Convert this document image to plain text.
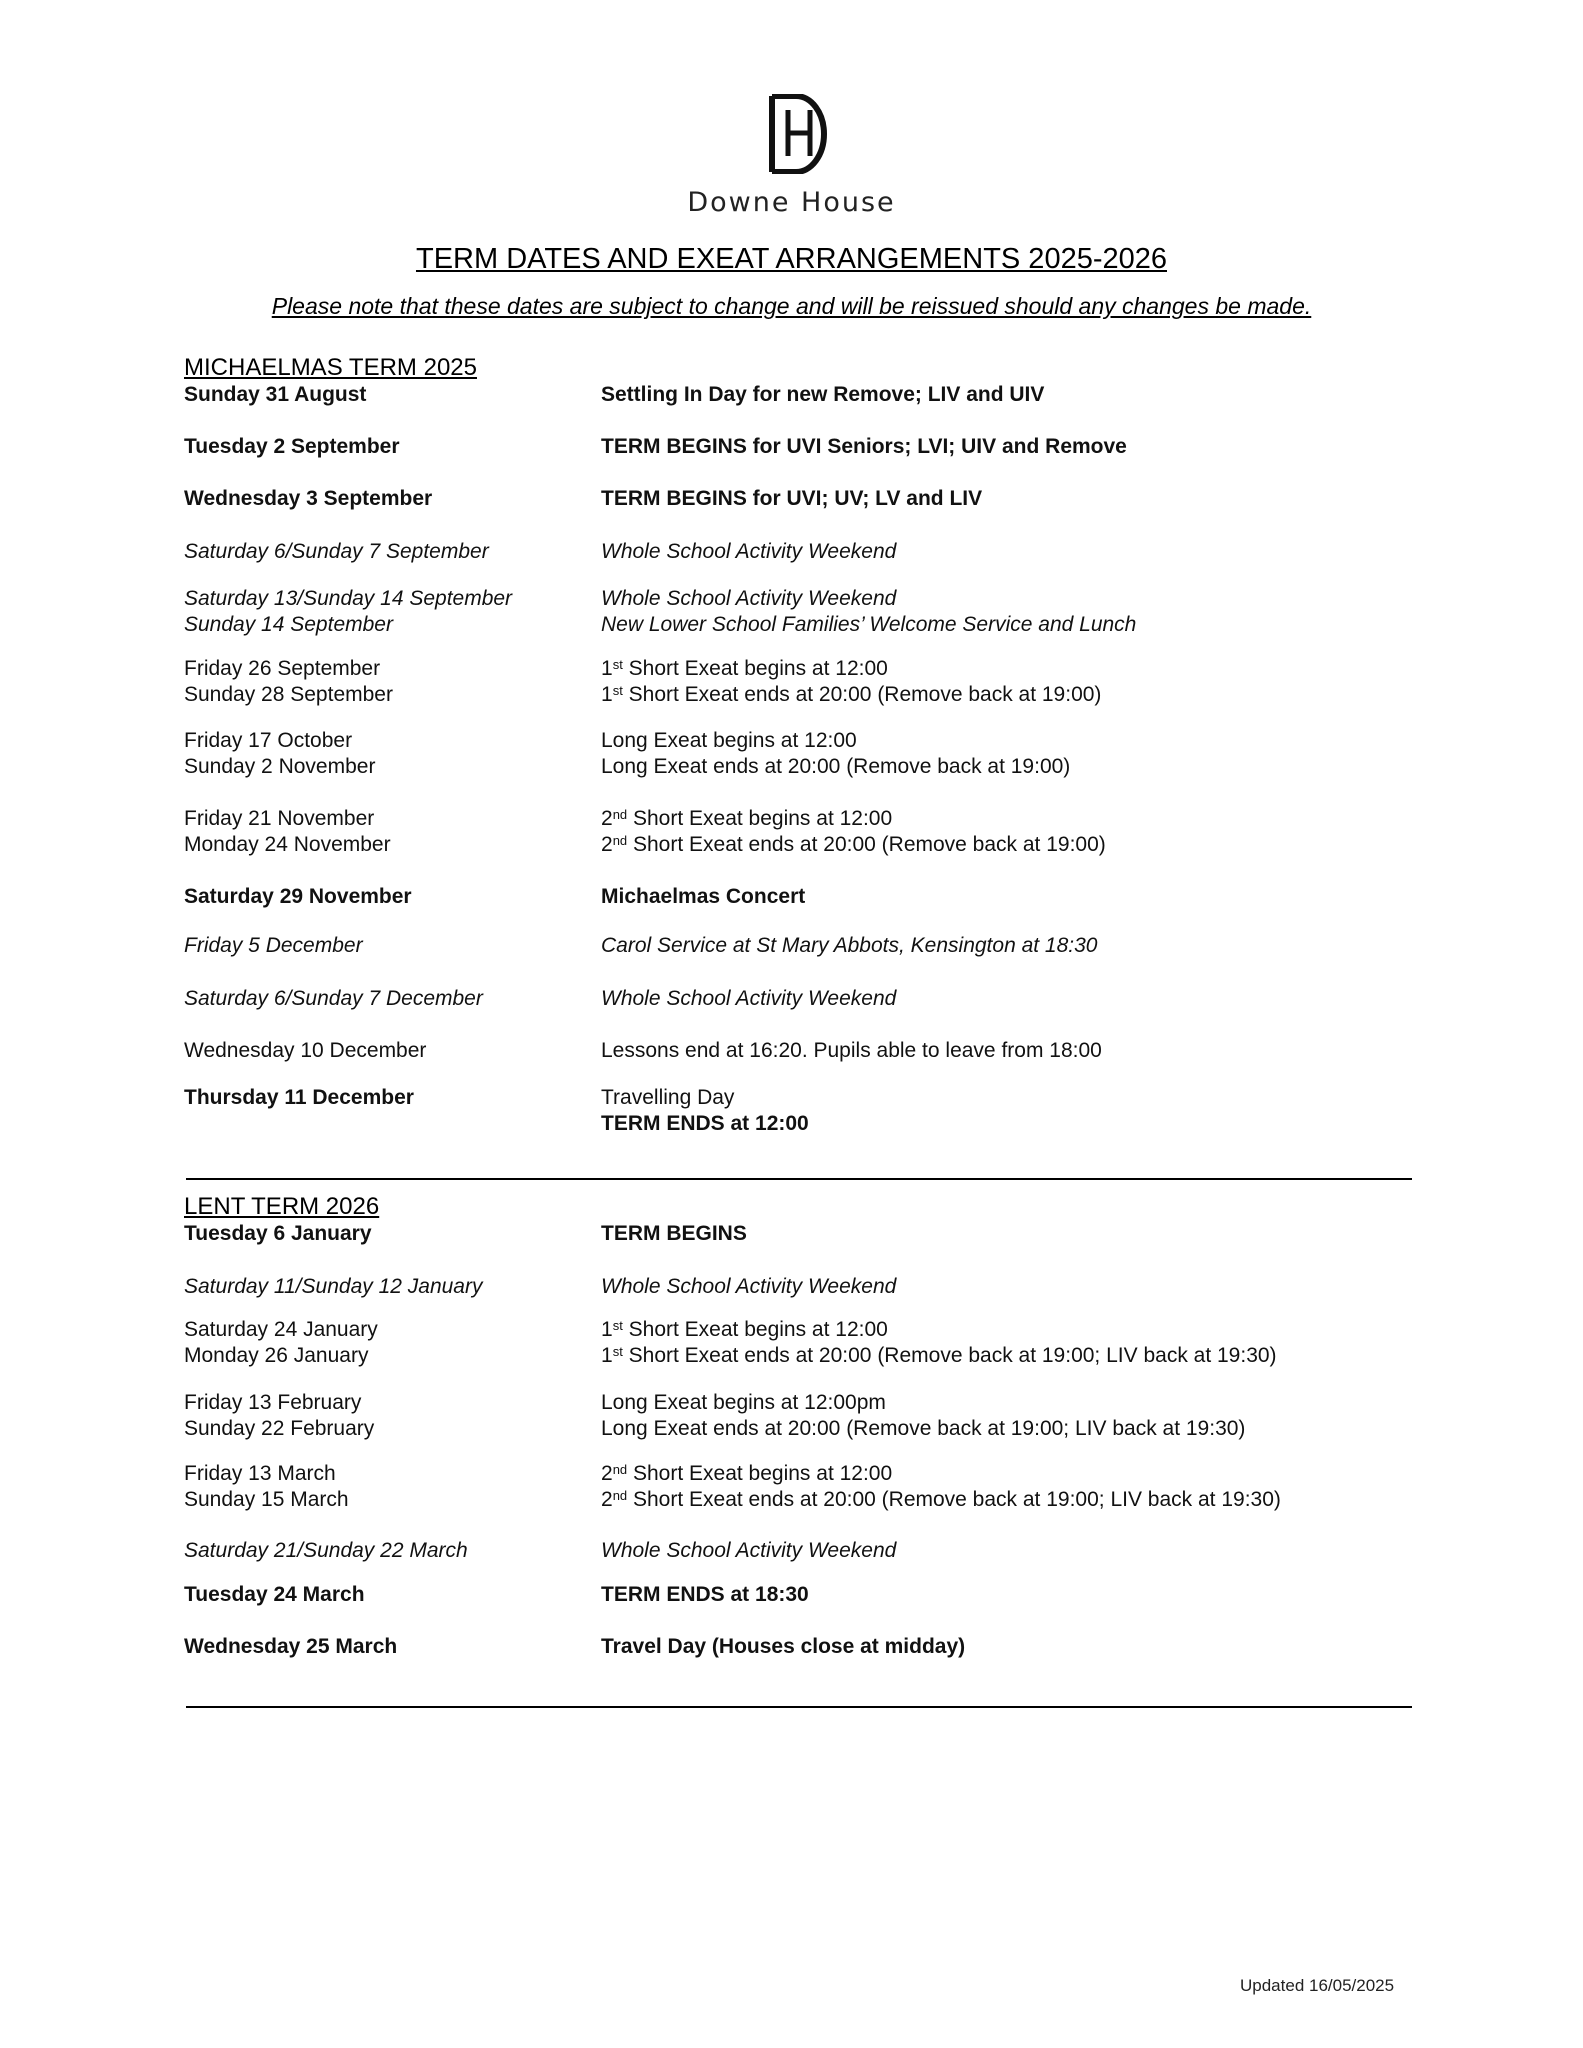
Downe House
TERM DATES AND EXEAT ARRANGEMENTS 2025-2026
Please note that these dates are subject to change and will be reissued should any changes be made.
MICHAELMAS TERM 2025
Sunday 31 August	Settling In Day for new Remove; LIV and UIV
Tuesday 2 September	TERM BEGINS for UVI Seniors; LVI; UIV and Remove
Wednesday 3 September	TERM BEGINS for UVI; UV; LV and LIV
Saturday 6/Sunday 7 September	Whole School Activity Weekend
Saturday 13/Sunday 14 September	Whole School Activity Weekend
Sunday 14 September	New Lower School Families’ Welcome Service and Lunch
Friday 26 September	1st Short Exeat begins at 12:00
Sunday 28 September	1st Short Exeat ends at 20:00 (Remove back at 19:00)
Friday 17 October	Long Exeat begins at 12:00
Sunday 2 November	Long Exeat ends at 20:00 (Remove back at 19:00)
Friday 21 November	2nd Short Exeat begins at 12:00
Monday 24 November	2nd Short Exeat ends at 20:00 (Remove back at 19:00)
Saturday 29 November	Michaelmas Concert
Friday 5 December	Carol Service at St Mary Abbots, Kensington at 18:30
Saturday 6/Sunday 7 December	Whole School Activity Weekend
Wednesday 10 December	Lessons end at 16:20. Pupils able to leave from 18:00
Thursday 11 December	Travelling Day
TERM ENDS at 12:00
LENT TERM 2026
Tuesday 6 January	TERM BEGINS
Saturday 11/Sunday 12 January	Whole School Activity Weekend
Saturday 24 January	1st Short Exeat begins at 12:00
Monday 26 January	1st Short Exeat ends at 20:00 (Remove back at 19:00; LIV back at 19:30)
Friday 13 February	Long Exeat begins at 12:00pm
Sunday 22 February	Long Exeat ends at 20:00 (Remove back at 19:00; LIV back at 19:30)
Friday 13 March	2nd Short Exeat begins at 12:00
Sunday 15 March	2nd Short Exeat ends at 20:00 (Remove back at 19:00; LIV back at 19:30)
Saturday 21/Sunday 22 March	Whole School Activity Weekend
Tuesday 24 March	TERM ENDS at 18:30
Wednesday 25 March	Travel Day (Houses close at midday)
Updated 16/05/2025
